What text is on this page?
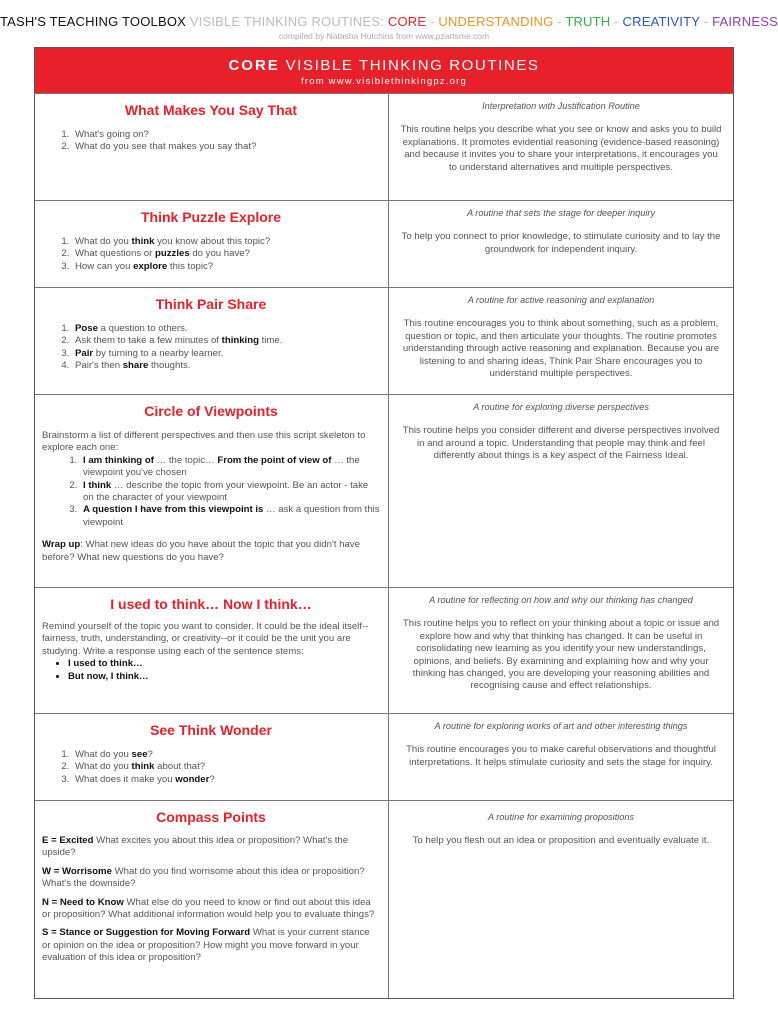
TASH'S TEACHING TOOLBOX VISIBLE THINKING ROUTINES: CORE - UNDERSTANDING - TRUTH - CREATIVITY - FAIRNESS
compiled by Natasha Hutchins from www.pzartsme.com
CORE VISIBLE THINKING ROUTINES
from www.visiblethinkingpz.org
What Makes You Say That
1. What's going on?
2. What do you see that makes you say that?
Interpretation with Justification Routine

This routine helps you describe what you see or know and asks you to build explanations. It promotes evidential reasoning (evidence-based reasoning) and because it invites you to share your interpretations, it encourages you to understand alternatives and multiple perspectives.

Think Puzzle Explore
1. What do you think you know about this topic?
2. What questions or puzzles do you have?
3. How can you explore this topic?
A routine that sets the stage for deeper inquiry

To help you connect to prior knowledge, to stimulate curiosity and to lay the groundwork for independent inquiry.

Think Pair Share
1. Pose a question to others.
2. Ask them to take a few minutes of thinking time.
3. Pair by turning to a nearby learner.
4. Pair's then share thoughts.
A routine for active reasoning and explanation

This routine encourages you to think about something, such as a problem, question or topic, and then articulate your thoughts. The routine promotes understanding through active reasoning and explanation. Because you are listening to and sharing ideas, Think Pair Share encourages you to understand multiple perspectives.

Circle of Viewpoints

Brainstorm a list of different perspectives and then use this script skeleton to explore each one:

1. I am thinking of … the topic… From the point of view of … the viewpoint you've chosen
2. I think … describe the topic from your viewpoint. Be an actor - take on the character of your viewpoint
3. A question I have from this viewpoint is … ask a question from this viewpoint

Wrap up: What new ideas do you have about the topic that you didn't have before? What new questions do you have?

A routine for exploring diverse perspectives

This routine helps you consider different and diverse perspectives involved in and around a topic. Understanding that people may think and feel differently about things is a key aspect of the Fairness Ideal.

I used to think… Now I think…

Remind yourself of the topic you want to consider. It could be the ideal itself--fairness, truth, understanding, or creativity--or it could be the unit you are studying. Write a response using each of the sentence stems:

• I used to think…
• But now, I think…
A routine for reflecting on how and why our thinking has changed

This routine helps you to reflect on your thinking about a topic or issue and explore how and why that thinking has changed. It can be useful in consolidating new learning as you identify your new understandings, opinions, and beliefs. By examining and explaining how and why your thinking has changed, you are developing your reasoning abilities and recognising cause and effect relationships.

See Think Wonder
1. What do you see?
2. What do you think about that?
3. What does it make you wonder?
A routine for exploring works of art and other interesting things

This routine encourages you to make careful observations and thoughtful interpretations. It helps stimulate curiosity and sets the stage for inquiry.

Compass Points

E = Excited What excites you about this idea or proposition? What's the upside?

W = Worrisome What do you find worrisome about this idea or proposition? What's the downside?

N = Need to Know What else do you need to know or find out about this idea or proposition? What additional information would help you to evaluate things?

S = Stance or Suggestion for Moving Forward What is your current stance or opinion on the idea or proposition? How might you move forward in your evaluation of this idea or proposition?

A routine for examining propositions

To help you flesh out an idea or proposition and eventually evaluate it.
